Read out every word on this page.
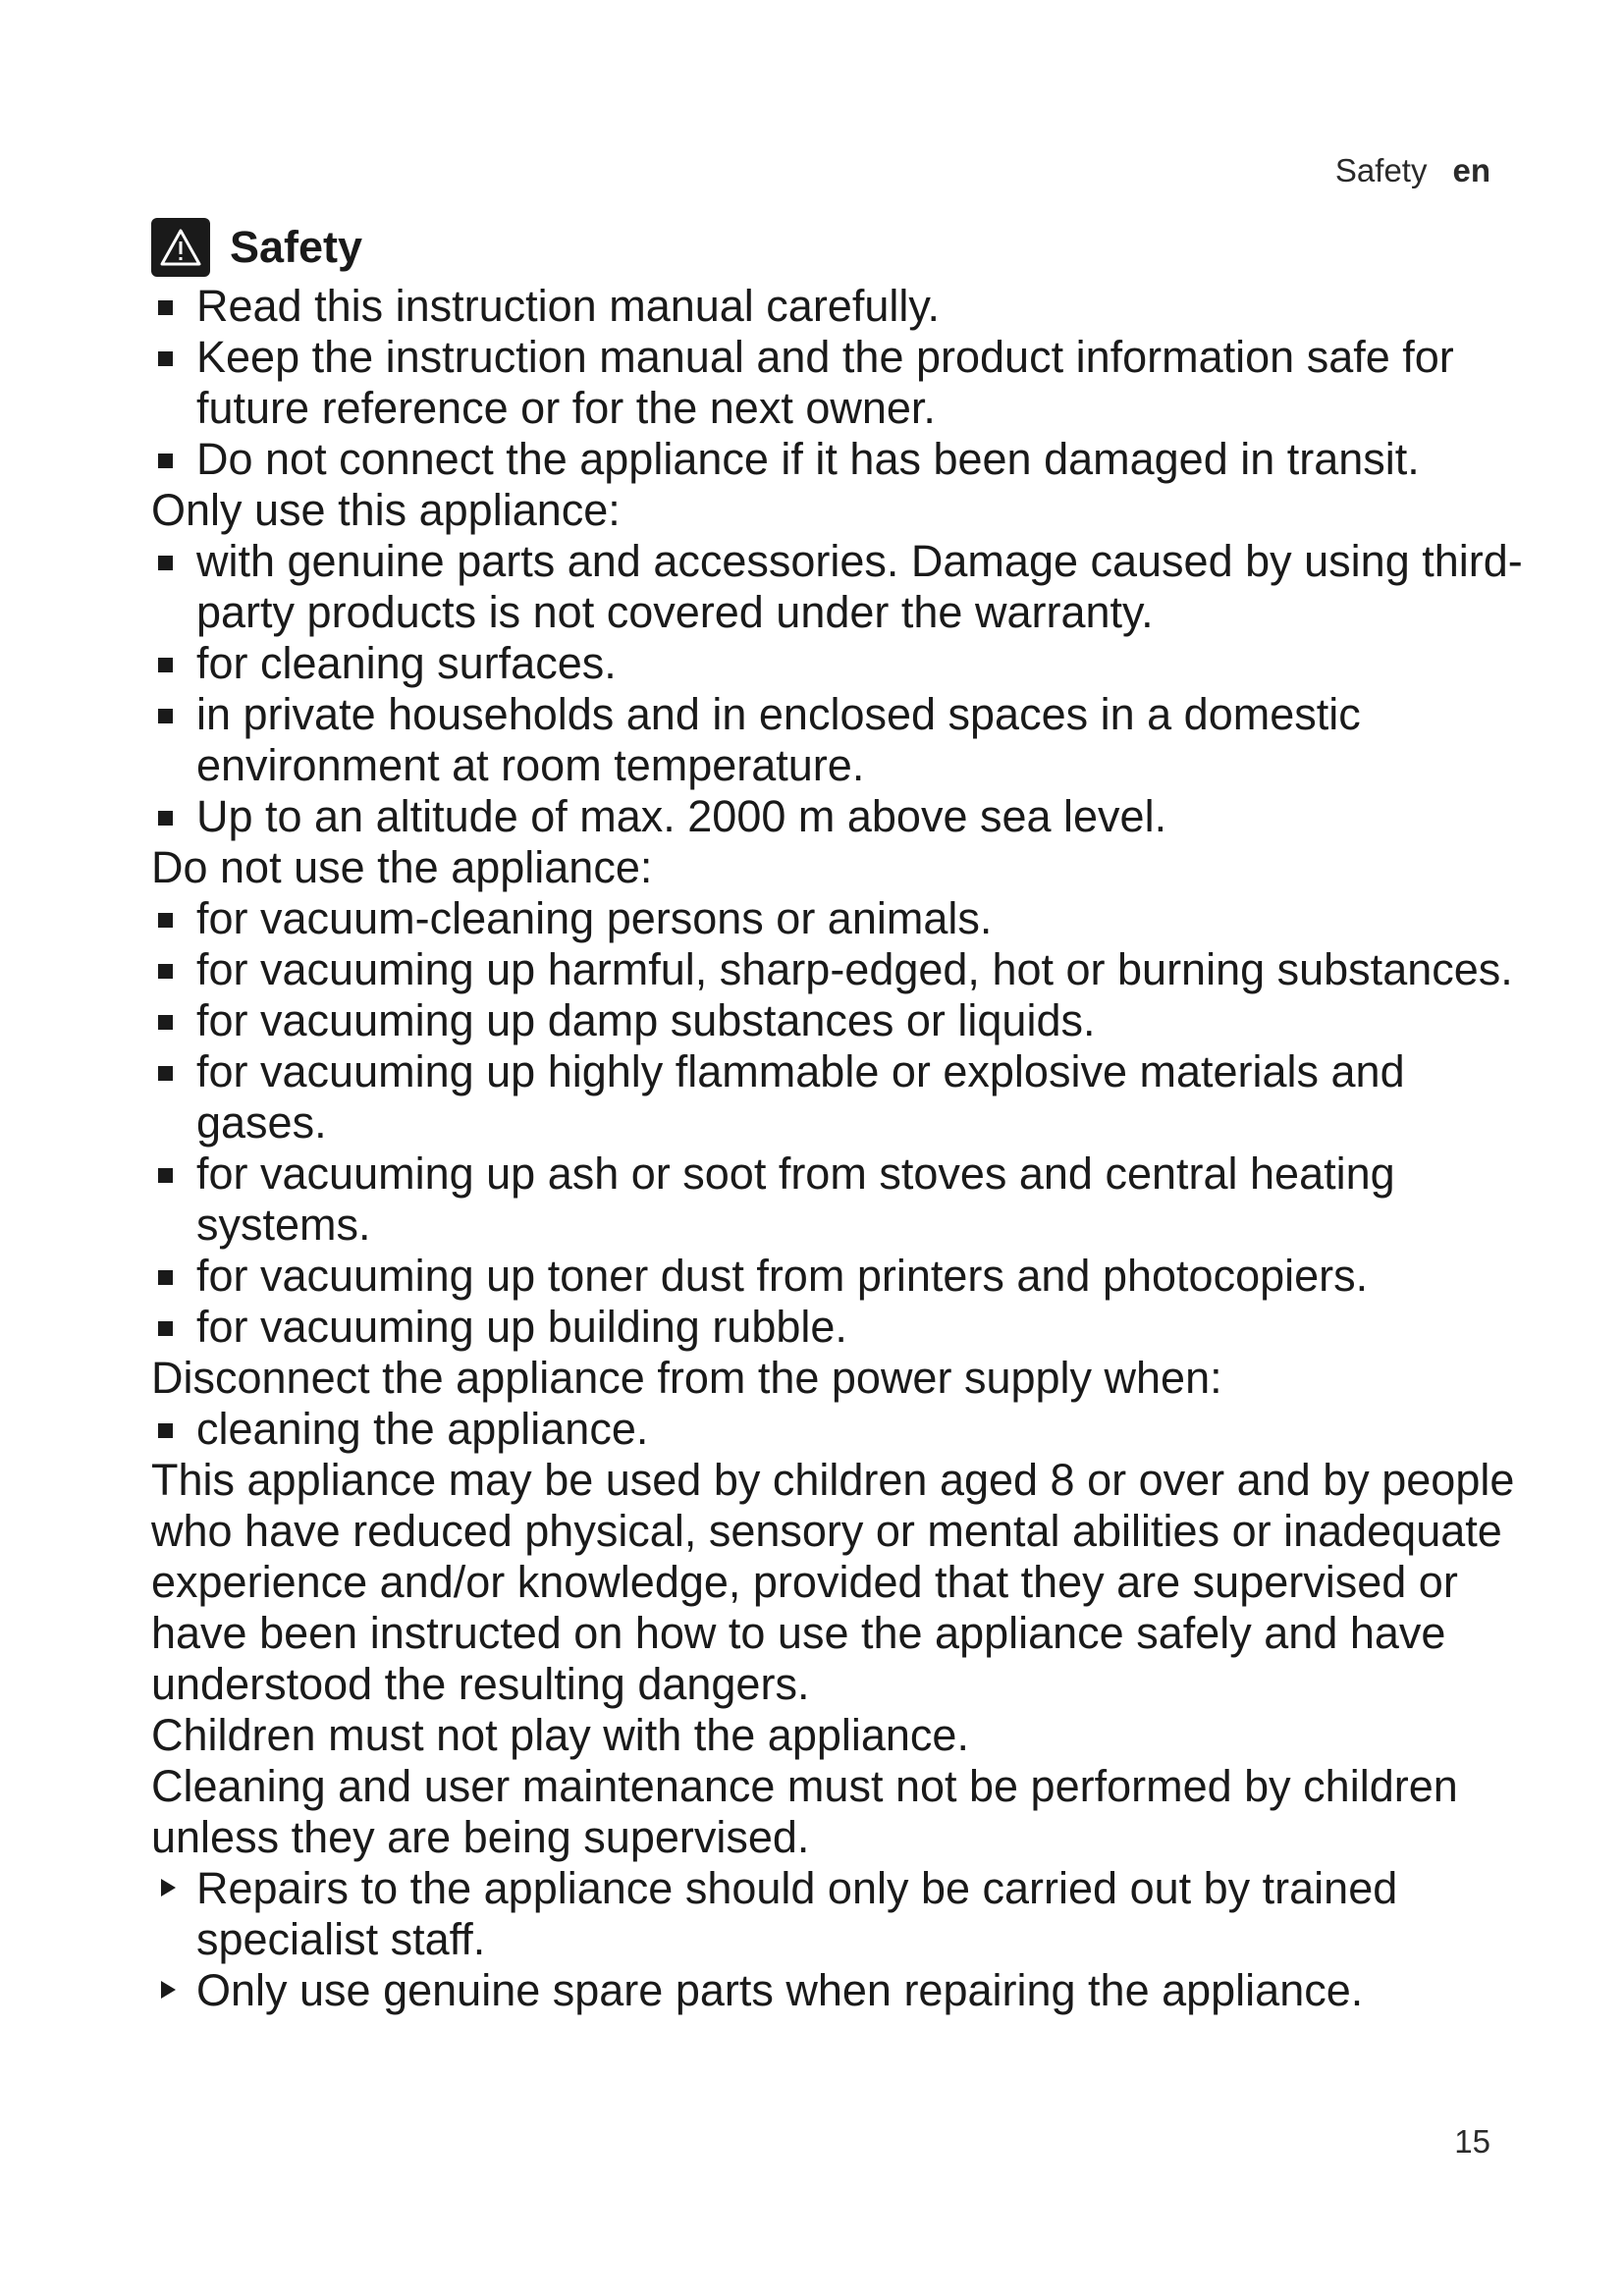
Safety en
Safety
Read this instruction manual carefully.
Keep the instruction manual and the product information safe for future reference or for the next owner.
Do not connect the appliance if it has been damaged in transit.
Only use this appliance:
with genuine parts and accessories. Damage caused by using third-party products is not covered under the warranty.
for cleaning surfaces.
in private households and in enclosed spaces in a domestic environment at room temperature.
Up to an altitude of max. 2000 m above sea level.
Do not use the appliance:
for vacuum-cleaning persons or animals.
for vacuuming up harmful, sharp-edged, hot or burning substances.
for vacuuming up damp substances or liquids.
for vacuuming up highly flammable or explosive materials and gases.
for vacuuming up ash or soot from stoves and central heating systems.
for vacuuming up toner dust from printers and photocopiers.
for vacuuming up building rubble.
Disconnect the appliance from the power supply when:
cleaning the appliance.
This appliance may be used by children aged 8 or over and by people who have reduced physical, sensory or mental abilities or inadequate experience and/or knowledge, provided that they are supervised or have been instructed on how to use the appliance safely and have understood the resulting dangers.
Children must not play with the appliance.
Cleaning and user maintenance must not be performed by children unless they are being supervised.
Repairs to the appliance should only be carried out by trained specialist staff.
Only use genuine spare parts when repairing the appliance.
15
